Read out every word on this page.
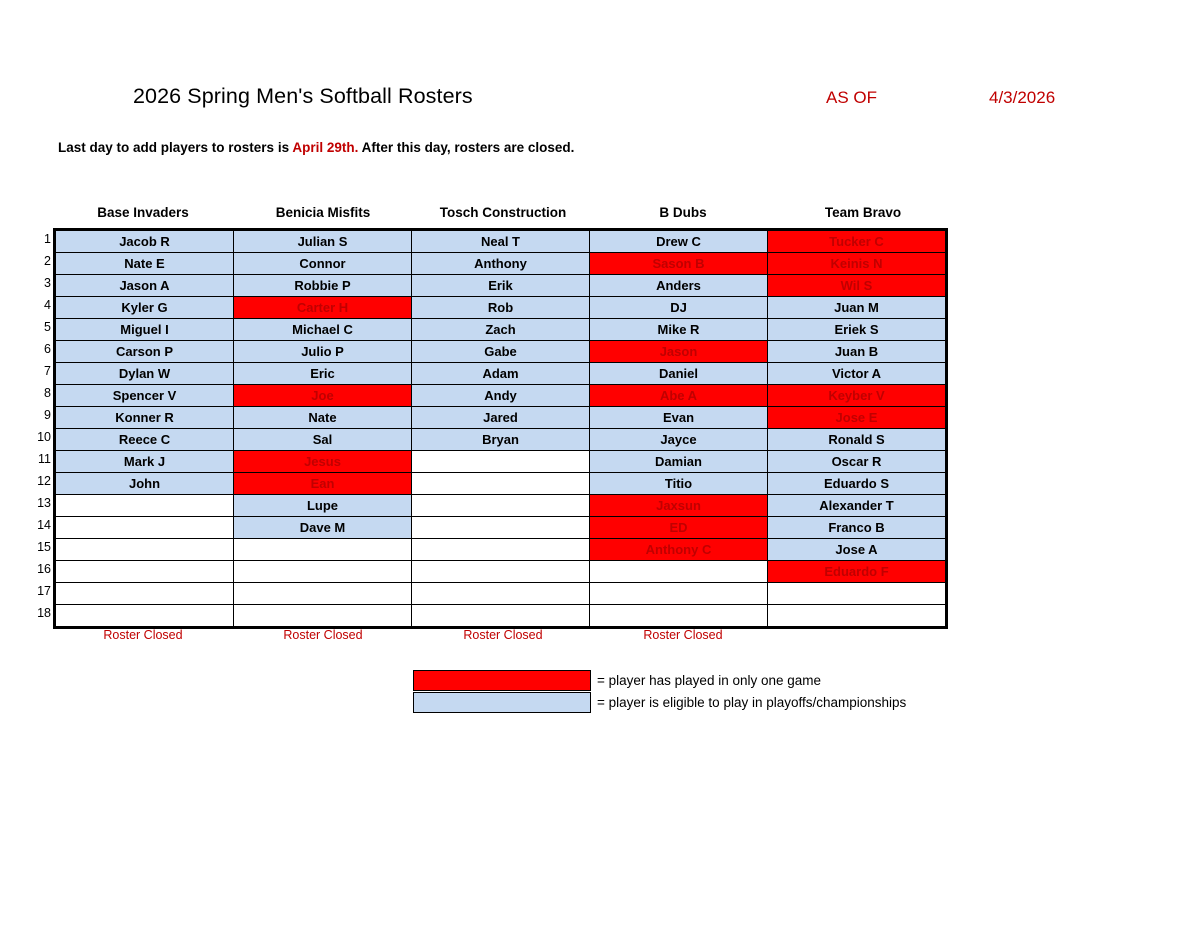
2026 Spring Men's Softball Rosters	AS OF	4/3/2026
Last day to add players to rosters is April 29th. After this day, rosters are closed.
Base Invaders	Benicia Misfits	Tosch Construction	B Dubs	Team Bravo
1
2
3
4
5
6
7
8
9
10
11
12
13
14
15
16
17
18
Jacob R	Julian S	Neal T	Drew C	Tucker C
Nate E	Connor	Anthony	Sason B	Keinis N
Jason A	Robbie P	Erik	Anders	Wil S
Kyler G	Carter H	Rob	DJ	Juan M
Miguel I	Michael C	Zach	Mike R	Eriek S
Carson P	Julio P	Gabe	Jason	Juan B
Dylan W	Eric	Adam	Daniel	Victor A
Spencer V	Joe	Andy	Abe A	Keyber V
Konner R	Nate	Jared	Evan	Jose E
Reece C	Sal	Bryan	Jayce	Ronald S
Mark J	Jesus		Damian	Oscar R
John	Ean		Titio	Eduardo S
	Lupe		Jaxsun	Alexander T
	Dave M		ED	Franco B
			Anthony C	Jose A
				Eduardo F

Roster Closed	Roster Closed	Roster Closed	Roster Closed
= player has played in only one game
= player is eligible to play in playoffs/championships
